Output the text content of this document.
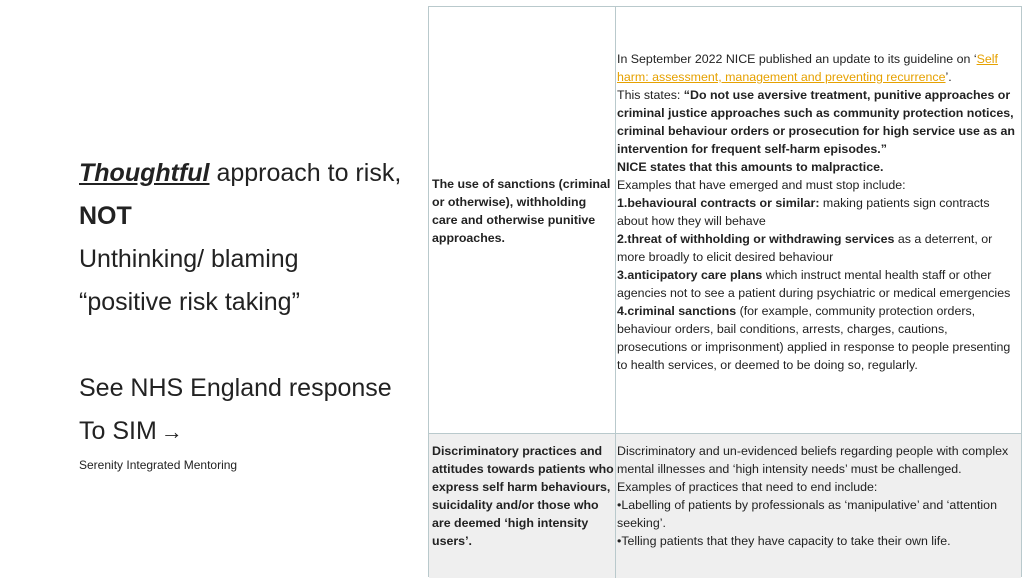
Thoughtful approach to risk,
NOT
Unthinking/ blaming
“positive risk taking”
See NHS England response
To SIM →
Serenity Integrated Mentoring
The use of sanctions (criminal or otherwise), withholding care and otherwise punitive approaches.
In September 2022 NICE published an update to its guideline on ‘Self harm: assessment, management and preventing recurrence’.
This states: “Do not use aversive treatment, punitive approaches or criminal justice approaches such as community protection notices, criminal behaviour orders or prosecution for high service use as an intervention for frequent self-harm episodes.”
NICE states that this amounts to malpractice.
Examples that have emerged and must stop include:
1.behavioural contracts or similar: making patients sign contracts about how they will behave
2.threat of withholding or withdrawing services as a deterrent, or more broadly to elicit desired behaviour
3.anticipatory care plans which instruct mental health staff or other agencies not to see a patient during psychiatric or medical emergencies
4.criminal sanctions (for example, community protection orders, behaviour orders, bail conditions, arrests, charges, cautions, prosecutions or imprisonment) applied in response to people presenting to health services, or deemed to be doing so, regularly.
Discriminatory practices and attitudes towards patients who express self harm behaviours, suicidality and/or those who are deemed ‘high intensity users’.
Discriminatory and un-evidenced beliefs regarding people with complex mental illnesses and ‘high intensity needs’ must be challenged.
Examples of practices that need to end include:
•Labelling of patients by professionals as ‘manipulative’ and ‘attention seeking’.
•Telling patients that they have capacity to take their own life.
